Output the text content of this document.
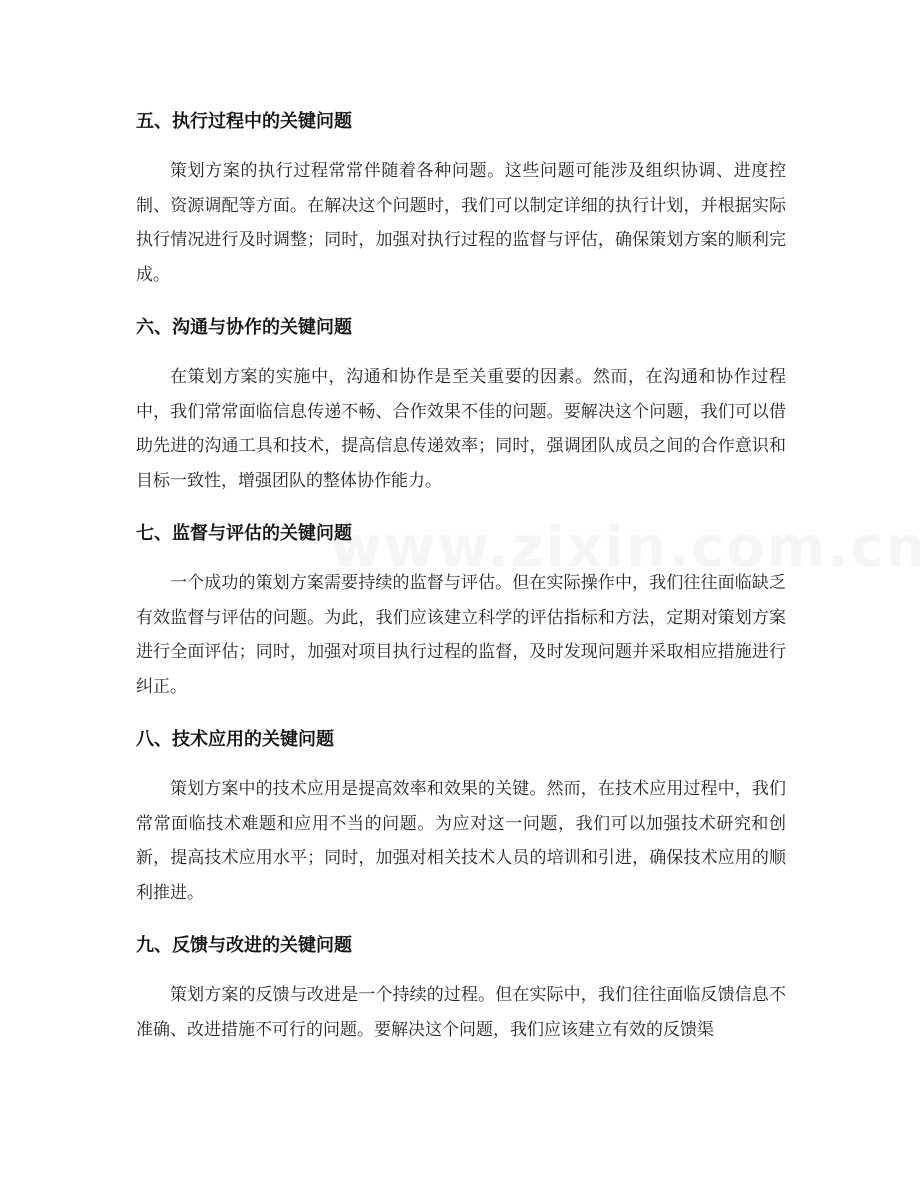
五、执行过程中的关键问题

策划方案的执行过程常常伴随着各种问题。这些问题可能涉及组织协调、进度控制、资源调配等方面。在解决这个问题时，我们可以制定详细的执行计划，并根据实际执行情况进行及时调整；同时，加强对执行过程的监督与评估，确保策划方案的顺利完成。

六、沟通与协作的关键问题

在策划方案的实施中，沟通和协作是至关重要的因素。然而，在沟通和协作过程中，我们常常面临信息传递不畅、合作效果不佳的问题。要解决这个问题，我们可以借助先进的沟通工具和技术，提高信息传递效率；同时，强调团队成员之间的合作意识和目标一致性，增强团队的整体协作能力。

七、监督与评估的关键问题

一个成功的策划方案需要持续的监督与评估。但在实际操作中，我们往往面临缺乏有效监督与评估的问题。为此，我们应该建立科学的评估指标和方法，定期对策划方案进行全面评估；同时，加强对项目执行过程的监督，及时发现问题并采取相应措施进行纠正。

八、技术应用的关键问题

策划方案中的技术应用是提高效率和效果的关键。然而，在技术应用过程中，我们常常面临技术难题和应用不当的问题。为应对这一问题，我们可以加强技术研究和创新，提高技术应用水平；同时，加强对相关技术人员的培训和引进，确保技术应用的顺利推进。

九、反馈与改进的关键问题

策划方案的反馈与改进是一个持续的过程。但在实际中，我们往往面临反馈信息不准确、改进措施不可行的问题。要解决这个问题，我们应该建立有效的反馈渠
